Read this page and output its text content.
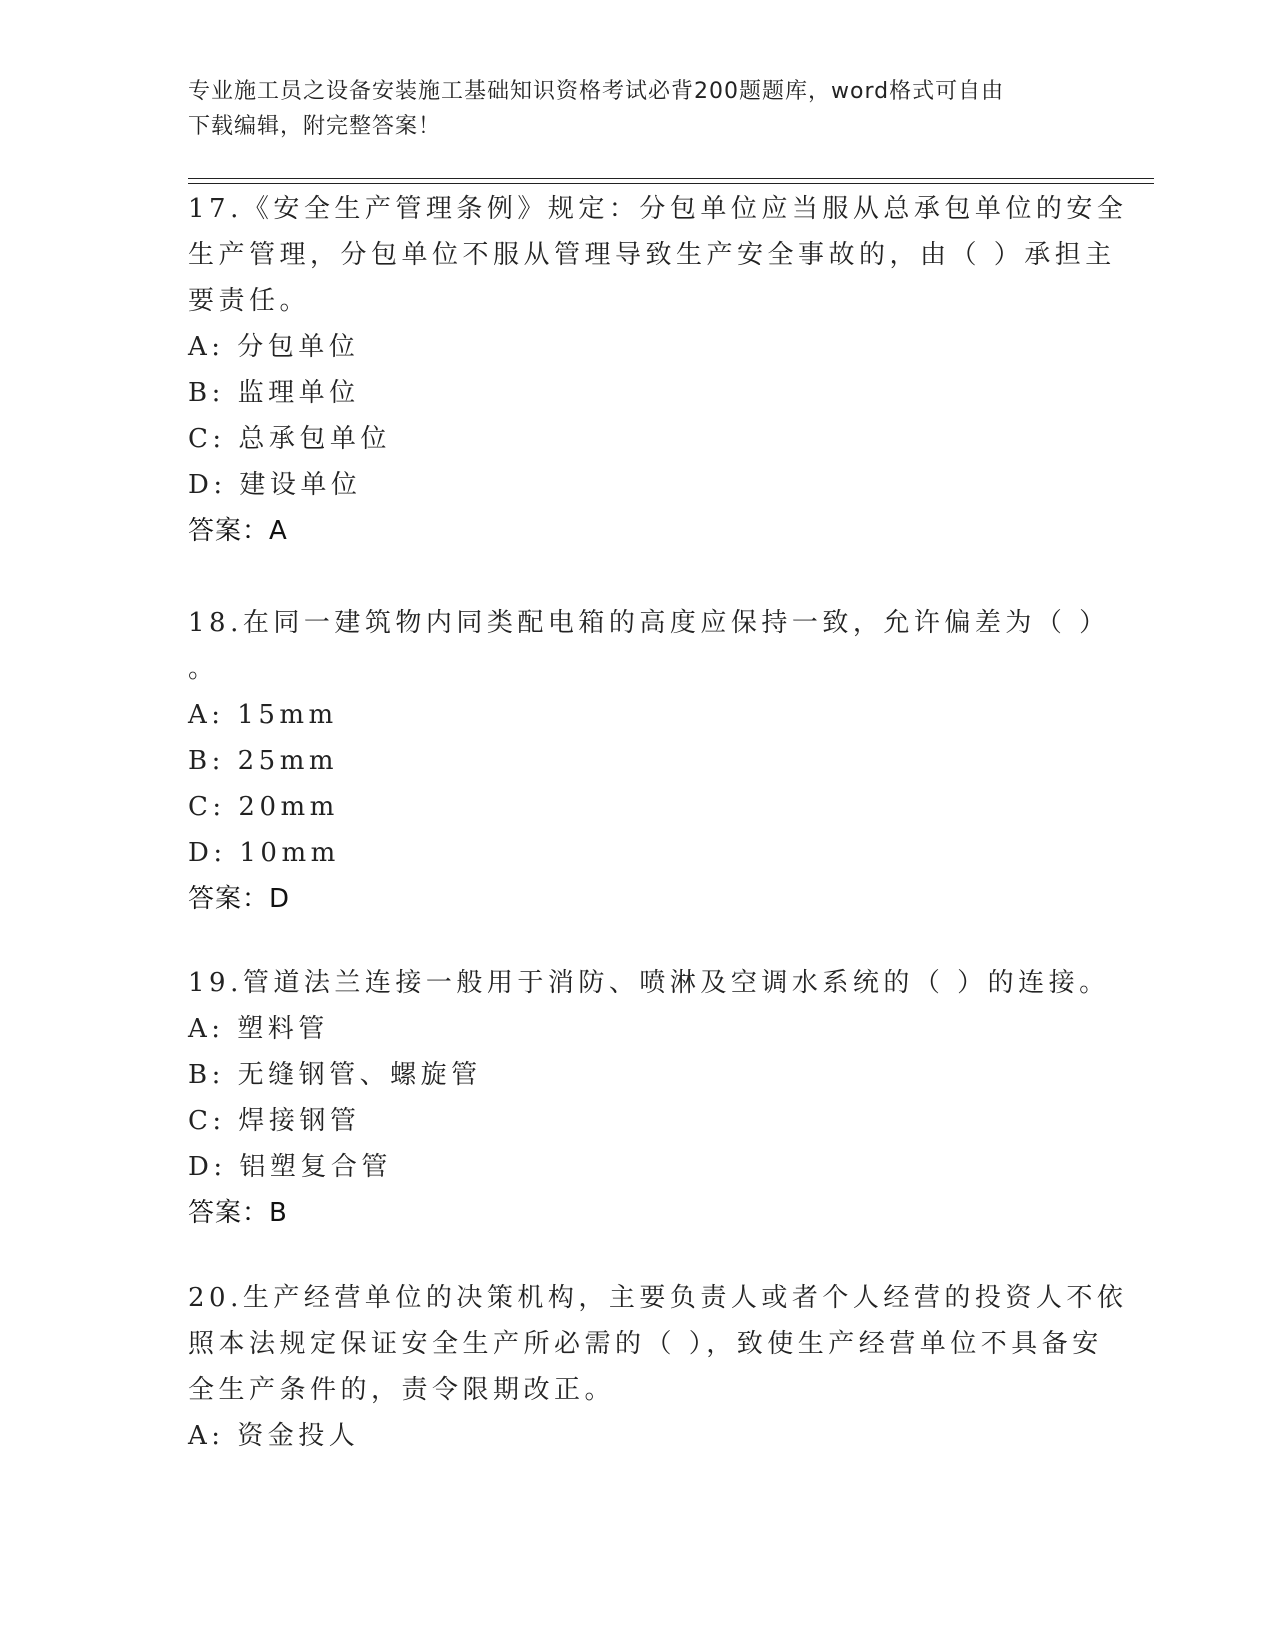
专业施工员之设备安装施工基础知识资格考试必背200题题库，word格式可自由
下载编辑，附完整答案！
17.《安全生产管理条例》规定：分包单位应当服从总承包单位的安全
生产管理，分包单位不服从管理导致生产安全事故的，由（ ）承担主
要责任。
A: 分包单位
B: 监理单位
C: 总承包单位
D: 建设单位
答案：A
18.在同一建筑物内同类配电箱的高度应保持一致，允许偏差为（ ）
。
A: 15mm
B: 25mm
C: 20mm
D: 10mm
答案：D
19.管道法兰连接一般用于消防、喷淋及空调水系统的（ ）的连接。
A: 塑料管
B: 无缝钢管、螺旋管
C: 焊接钢管
D: 铝塑复合管
答案：B
20.生产经营单位的决策机构，主要负责人或者个人经营的投资人不依
照本法规定保证安全生产所必需的（ ），致使生产经营单位不具备安
全生产条件的，责令限期改正。
A: 资金投人
